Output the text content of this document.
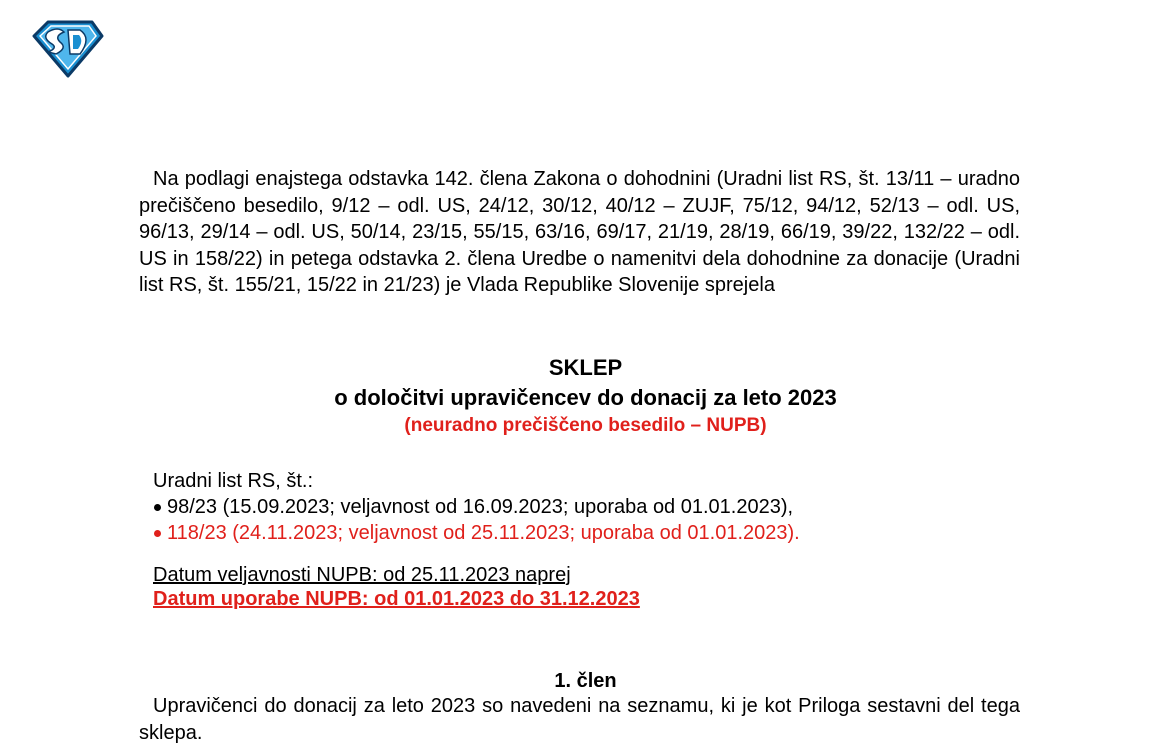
Na podlagi enajstega odstavka 142. člena Zakona o dohodnini (Uradni list RS, št. 13/11 – uradno prečiščeno besedilo, 9/12 – odl. US, 24/12, 30/12, 40/12 – ZUJF, 75/12, 94/12, 52/13 – odl. US, 96/13, 29/14 – odl. US, 50/14, 23/15, 55/15, 63/16, 69/17, 21/19, 28/19, 66/19, 39/22, 132/22 – odl. US in 158/22) in petega odstavka 2. člena Uredbe o namenitvi dela dohodnine za donacije (Uradni list RS, št. 155/21, 15/22 in 21/23) je Vlada Republike Slovenije sprejela
SKLEP
o določitvi upravičencev do donacij za leto 2023
(neuradno prečiščeno besedilo – NUPB)
Uradni list RS, št.:
98/23 (15.09.2023; veljavnost od 16.09.2023; uporaba od 01.01.2023),
118/23 (24.11.2023; veljavnost od 25.11.2023; uporaba od 01.01.2023).
Datum veljavnosti NUPB: od 25.11.2023 naprej
Datum uporabe NUPB: od 01.01.2023 do 31.12.2023
1. člen
Upravičenci do donacij za leto 2023 so navedeni na seznamu, ki je kot Priloga sestavni del tega sklepa.
